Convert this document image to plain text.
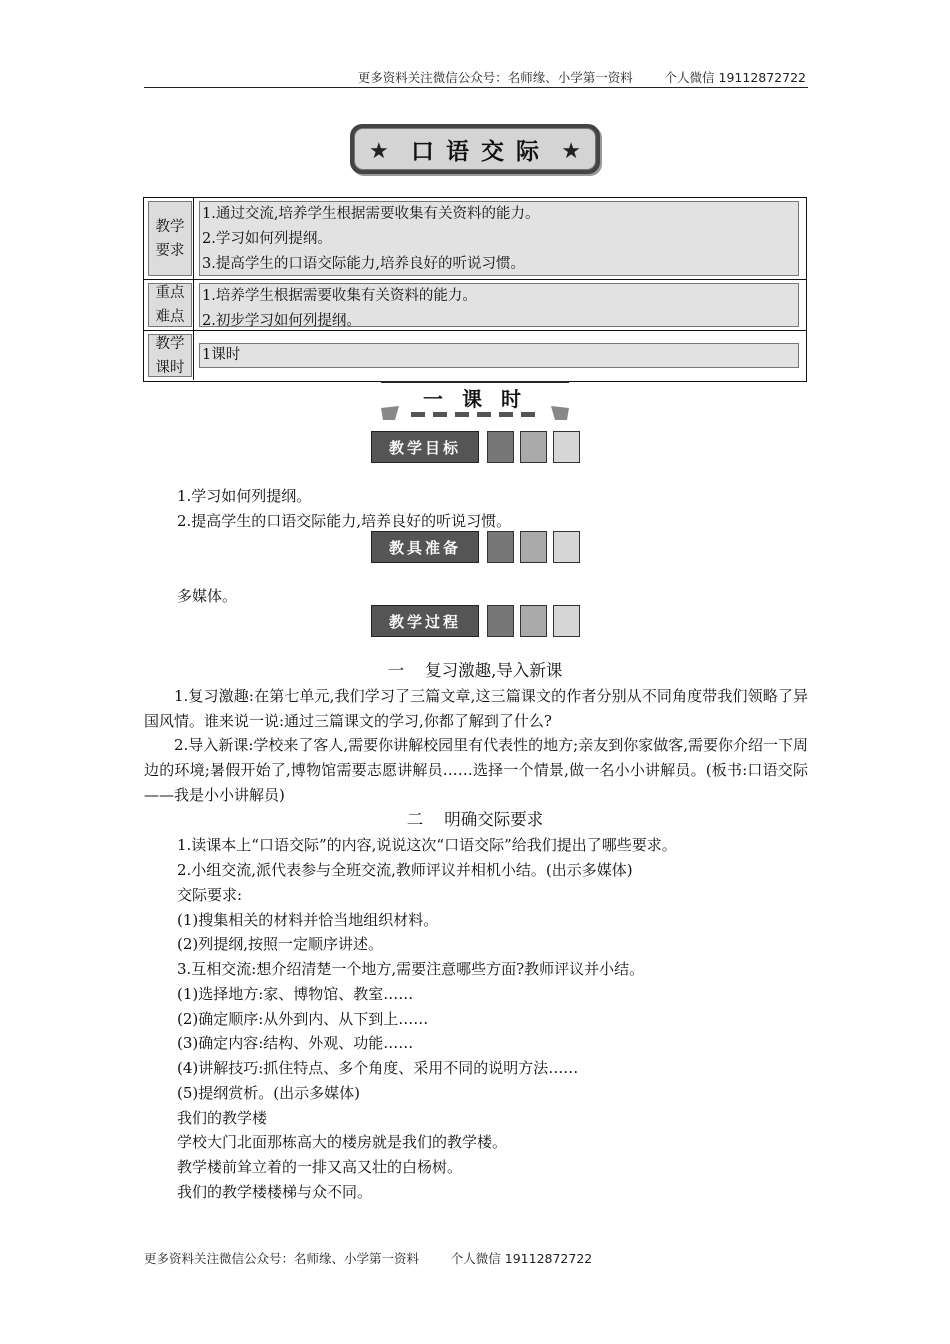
更多资料关注微信公众号：名师缘、小学第一资料        个人微信 19112872722
★ 口语交际 ★
教学
要求
1.通过交流,培养学生根据需要收集有关资料的能力。
2.学习如何列提纲。
3.提高学生的口语交际能力,培养良好的听说习惯。
重点
难点
1.培养学生根据需要收集有关资料的能力。
2.初步学习如何列提纲。
教学
课时
1课时
一 课 时
教学目标
1.学习如何列提纲。
2.提高学生的口语交际能力,培养良好的听说习惯。
教具准备
多媒体。
教学过程
一    复习激趣,导入新课
1.复习激趣:在第七单元,我们学习了三篇文章,这三篇课文的作者分别从不同角度带我们领略了异国风情。谁来说一说:通过三篇课文的学习,你都了解到了什么?
2.导入新课:学校来了客人,需要你讲解校园里有代表性的地方;亲友到你家做客,需要你介绍一下周边的环境;暑假开始了,博物馆需要志愿讲解员……选择一个情景,做一名小小讲解员。(板书:口语交际——我是小小讲解员)
二    明确交际要求
1.读课本上“口语交际”的内容,说说这次“口语交际”给我们提出了哪些要求。
2.小组交流,派代表参与全班交流,教师评议并相机小结。(出示多媒体)
交际要求:
(1)搜集相关的材料并恰当地组织材料。
(2)列提纲,按照一定顺序讲述。
3.互相交流:想介绍清楚一个地方,需要注意哪些方面?教师评议并小结。
(1)选择地方:家、博物馆、教室……
(2)确定顺序:从外到内、从下到上……
(3)确定内容:结构、外观、功能……
(4)讲解技巧:抓住特点、多个角度、采用不同的说明方法……
(5)提纲赏析。(出示多媒体)
我们的教学楼
学校大门北面那栋高大的楼房就是我们的教学楼。
教学楼前耸立着的一排又高又壮的白杨树。
我们的教学楼楼梯与众不同。
更多资料关注微信公众号：名师缘、小学第一资料        个人微信 19112872722
